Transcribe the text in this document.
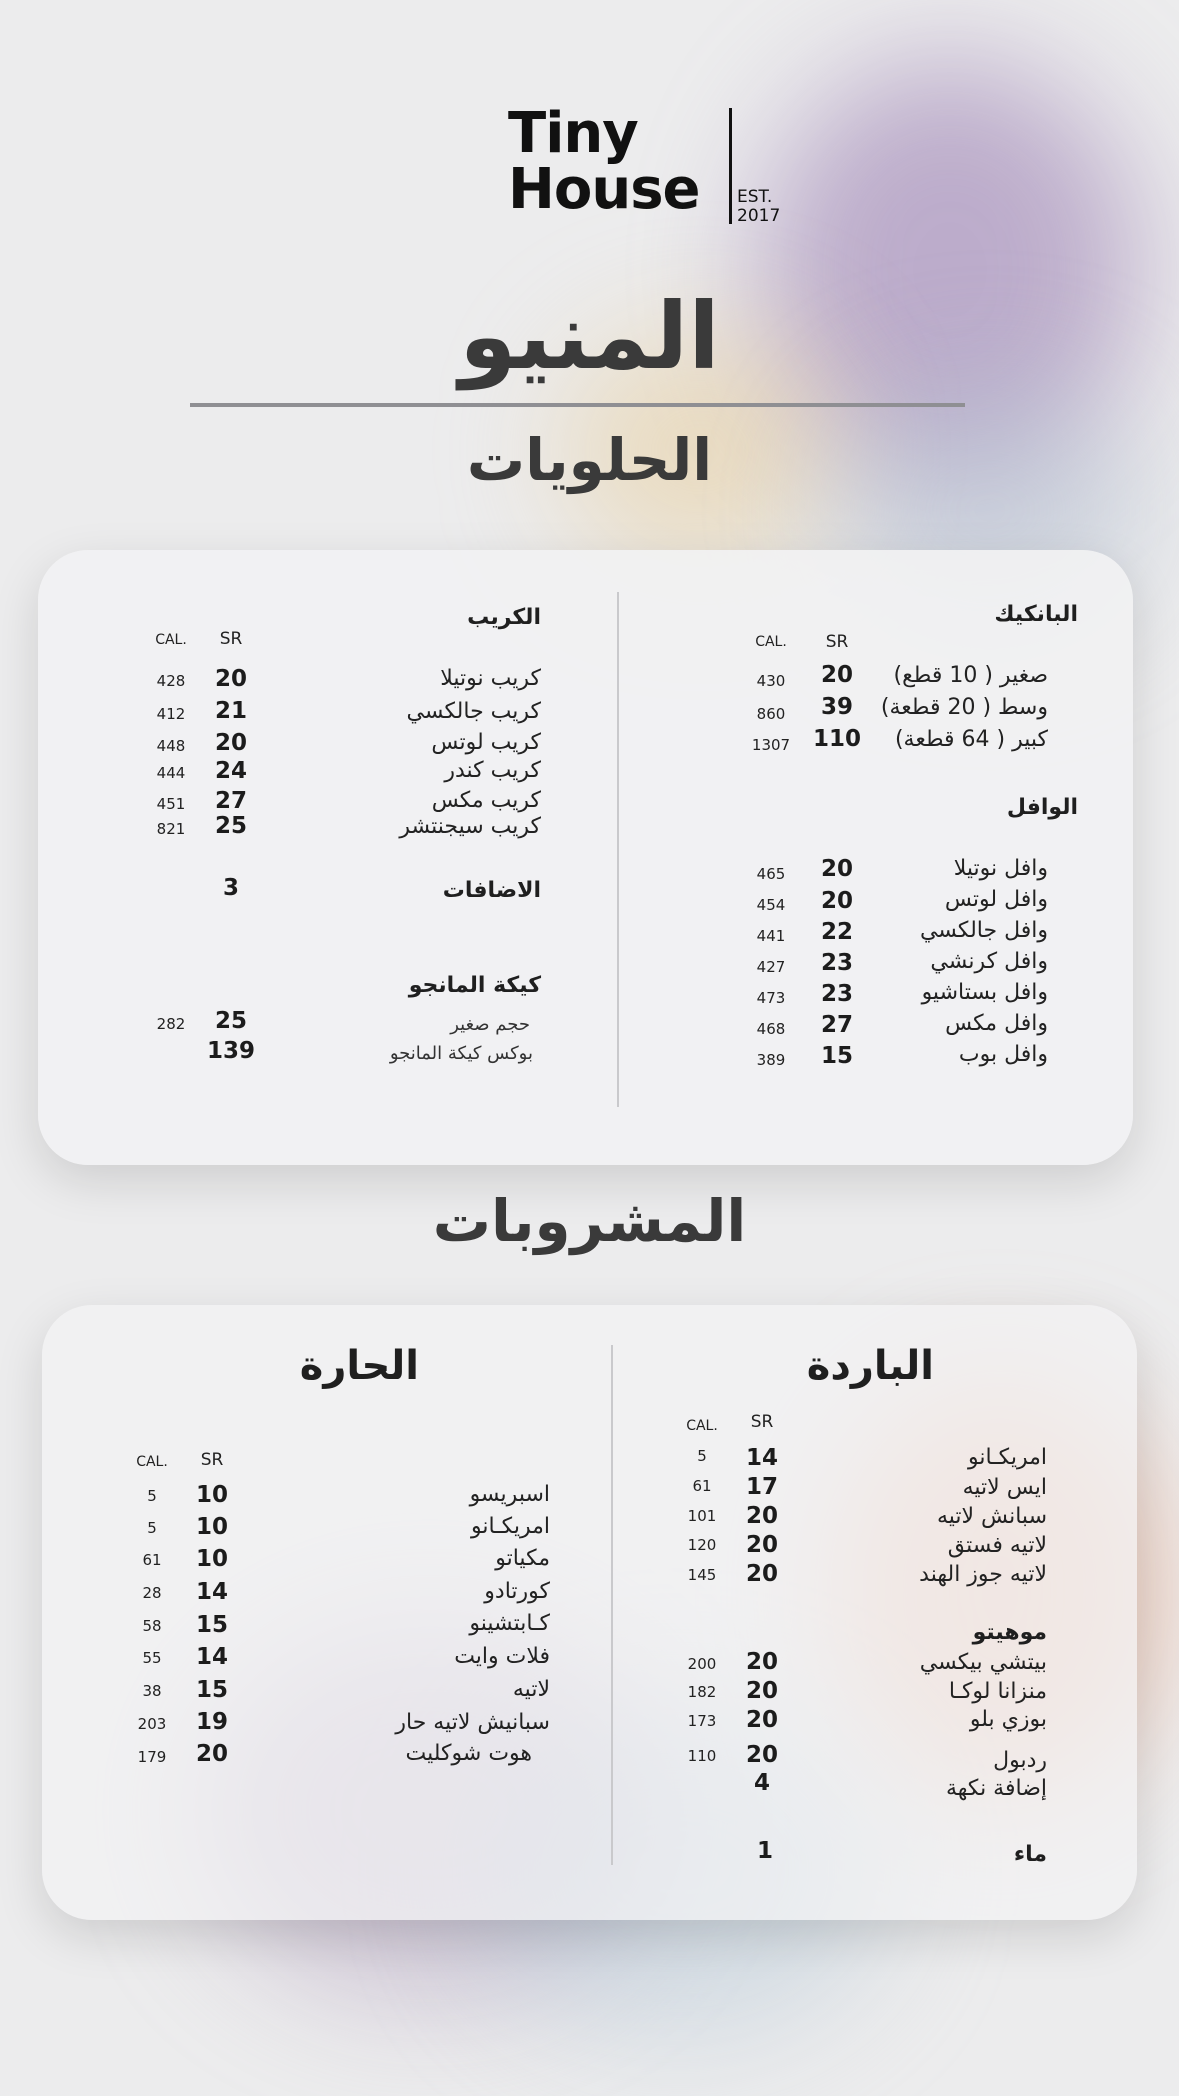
Tiny
House EST.
2017
المنيو
الحلويات
البانكيك
SR
CAL.
صغير ( 10 قطع)
20
430
وسط ( 20 قطعة)
39
860
كبير ( 64 قطعة)
110
1307
الوافل
وافل نوتيلا
20
465
وافل لوتس
20
454
وافل جالكسي
22
441
وافل كرنشي
23
427
وافل بستاشيو
23
473
وافل مكس
27
468
وافل بوب
15
389
الكريب
SR
CAL.
كريب نوتيلا
20
428
كريب جالكسي
21
412
كريب لوتس
20
448
كريب كندر
24
444
كريب مكس
27
451
كريب سيجنتشر
25
821
الاضافات
3
كيكة المانجو
حجم صغير
25
282
بوكس كيكة المانجو
139
المشروبات
الباردة
SR
CAL.
امريكـانو
14
5
ايس لاتيه
17
61
سبانش لاتيه
20
101
لاتيه فستق
20
120
لاتيه جوز الهند
20
145
موهيتو
بيتشي بيكسي
20
200
منزانا لوكـا
20
182
بوزي بلو
20
173
ردبول
20
110
إضافة نكهة
4
ماء
1
الحارة
SR
CAL.
اسبريسو
10
5
امريكـانو
10
5
مكياتو
10
61
كورتادو
14
28
كـابتشينو
15
58
فلات وايت
14
55
لاتيه
15
38
سبانيش لاتيه حار
19
203
هوت شوكليت
20
179
